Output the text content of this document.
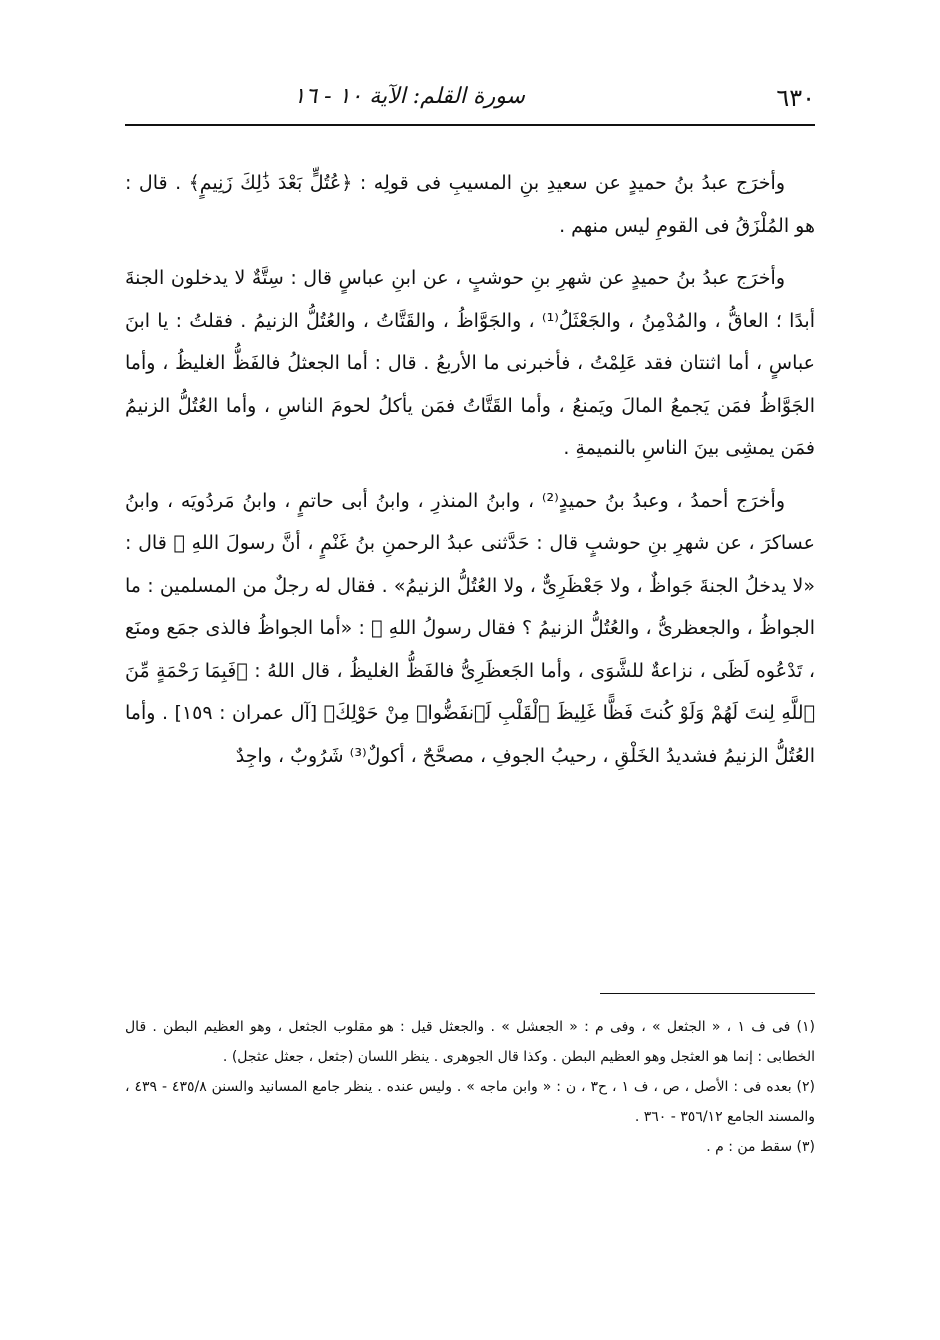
٦٣٠
سورة القلم: الآية ١٠ - ١٦

وأخرَج عبدُ بنُ حميدٍ عن سعيدِ بنِ المسيبِ فى قولِه : ﴿عُتُلٍّ بَعْدَ ذَٰلِكَ زَنِيمٍ﴾ . قال : هو المُلْزَقُ فى القومِ ليس منهم .

وأخرَج عبدُ بنُ حميدٍ عن شهرِ بنِ حوشبٍ ، عن ابنِ عباسٍ قال : سِتَّةٌ لا يدخلون الجنةَ أبدًا ؛ العاقُّ ، والمُدْمِنُ ، والجَعْثَلُ⁽¹⁾ ، والجَوَّاظُ ، والقَتَّاتُ ، والعُتُلُّ الزنيمُ . فقلتُ : يا ابنَ عباسٍ ، أما اثنتان فقد عَلِمْتُ ، فأخبرنى ما الأربعُ . قال : أما الجعثلُ فالفَظُّ الغليظُ ، وأما الجَوَّاظُ فمَن يَجمعُ المالَ ويَمنعُ ، وأما القَتَّاتُ فمَن يأكلُ لحومَ الناسِ ، وأما العُتُلُّ الزنيمُ فمَن يمشِى بينَ الناسِ بالنميمةِ .

وأخرَج أحمدُ ، وعبدُ بنُ حميدٍ⁽²⁾ ، وابنُ المنذرِ ، وابنُ أبى حاتمٍ ، وابنُ مَردُويَه ، وابنُ عساكرَ ، عن شهرِ بنِ حوشبٍ قال : حَدَّثنى عبدُ الرحمنِ بنُ غَنْمٍ ، أنَّ رسولَ اللهِ ﷺ قال : «لا يدخلُ الجنةَ جَواظٌ ، ولا جَعْظَرِىٌّ ، ولا العُتُلُّ الزنيمُ» . فقال له رجلٌ من المسلمين : ما الجواظُ ، والجعظرىُّ ، والعُتُلُّ الزنيمُ ؟ فقال رسولُ اللهِ ﷺ : «أما الجواظُ فالذى جمَع ومنَع ، تَدْعُوه لَظَى ، نزاعةٌ للشَّوَى ، وأما الجَعظَرِىُّ فالفَظُّ الغليظُ ، قال اللهُ : ﴿فَبِمَا رَحْمَةٍ مِّنَ ٱللَّهِ لِنتَ لَهُمْ وَلَوْ كُنتَ فَظًّا غَلِيظَ ٱلْقَلْبِ لَٱنفَضُّوا۟ مِنْ حَوْلِكَ﴾ [آل عمران : ١٥٩] . وأما العُتُلُّ الزنيمُ فشديدُ الخَلْقِ ، رحيبُ الجوفِ ، مصحَّحٌ ، أكولٌ⁽³⁾ شَرُوبٌ ، واجِدٌ

(١) فى ف ١ ، « الجثعل » ، وفى م : « الجعشل » . والجعثل قيل : هو مقلوب الجثعل ، وهو العظيم البطن . قال الخطابى : إنما هو العثجل وهو العظيم البطن . وكذا قال الجوهرى . ينظر اللسان (جثعل ، جعثل عثجل) .

(٢) بعده فى : الأصل ، ص ، ف ١ ، ح٣ ، ن : « وابن ماجه » . وليس عنده . ينظر جامع المسانيد والسنن ٤٣٥/٨ - ٤٣٩ ، والمسند الجامع ٣٥٦/١٢ - ٣٦٠ .

(٣) سقط من : م .
